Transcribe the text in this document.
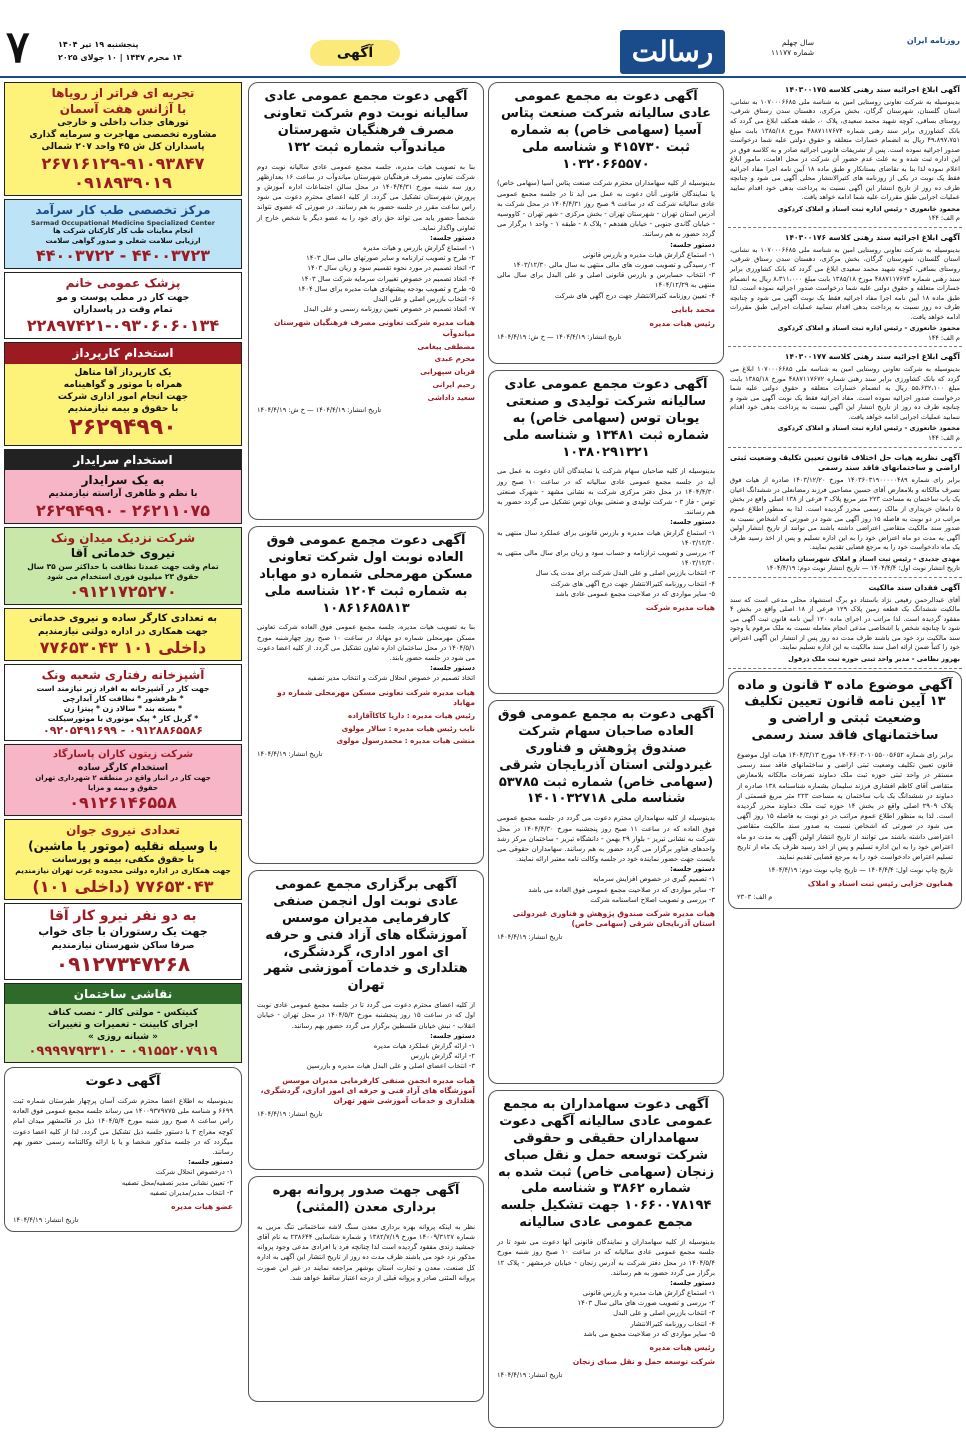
۷	پنجشنبه ۱۹ تیر ۱۴۰۴
۱۴ محرم ۱۴۴۷ | ۱۰ جولای ۲۰۲۵	آگهی	رسالت	سال چهلم
شماره ۱۱۱۷۷
روزنامه ایران
آگهی ابلاغ اجرائیه سند رهنی کلاسه ۱۴۰۳۰۰۱۷۵
بدینوسیله به شرکت تعاونی روستایی امین به شناسه ملی ۱۰۷۰۰۰۶۶۸۵ به نشانی، استان گلستان، شهرستان گرگان، بخش مرکزی، دهستان سدن رستاق شرقی، روستای بساقی، کوچه شهید محمد سعیدی، پلاک ۰، طبقه همکف ابلاغ می گردد که بانک کشاورزی برابر سند رهنی شماره ۴۸۸۷۱۱۷۶۷۴ مورخ ۱۳۸۵/۱۸ بابت مبلغ ۴۹،۸۹۷،۷۵۱ ریال به انضمام خسارات متعلقه و حقوق دولتی علیه شما درخواست صدور اجرائیه نموده است. پس از تشریفات قانونی اجرائیه صادر و به کلاسه فوق در این اداره ثبت شده و به علت عدم حضور آن شرکت در محل اقامت، مامور ابلاغ اعلام نموده لذا بنا به تقاضای بستانکار و طبق ماده ۱۸ آیین نامه اجرا مفاد اجرائیه فقط یک نوبت در یکی از روزنامه های کثیرالانتشار محلی آگهی می شود و چنانچه ظرف ده روز از تاریخ انتشار این آگهی نسبت به پرداخت بدهی خود اقدام نمایید عملیات اجرایی طبق مقررات علیه شما ادامه خواهد یافت.
محمود خانعوزی - رئیس اداره ثبت اسناد و املاک کردکوی
م الف: ۱۴۴
آگهی ابلاغ اجرائیه سند رهنی کلاسه ۱۴۰۳۰۰۱۷۶
بدینوسیله به شرکت تعاونی روستایی امین به شناسه ملی ۱۰۷۰۰۰۶۶۸۵ به نشانی، استان گلستان، شهرستان گرگان، بخش مرکزی، دهستان سدن رستاق شرقی، روستای بساقی، کوچه شهید محمد سعیدی ابلاغ می گردد که بانک کشاورزی برابر سند رهنی شماره ۴۸۸۷۱۱۷۶۷۳ مورخ ۱۳۸۵/۱۸ بابت مبلغ ۸،۳۱۱،۰۰۰ ریال به انضمام خسارات متعلقه و حقوق دولتی علیه شما درخواست صدور اجرائیه نموده است. لذا طبق ماده ۱۸ آیین نامه اجرا مفاد اجرائیه فقط یک نوبت آگهی می شود و چنانچه ظرف ده روز نسبت به پرداخت بدهی اقدام ننمایید عملیات اجرایی طبق مقررات ادامه خواهد یافت.
محمود خانعوزی - رئیس اداره ثبت اسناد و املاک کردکوی
م الف: ۱۴۴
آگهی ابلاغ اجرائیه سند رهنی کلاسه ۱۴۰۳۰۰۱۷۷
بدینوسیله به شرکت تعاونی روستایی امین به شناسه ملی ۱۰۷۰۰۰۶۶۸۵ ابلاغ می گردد که بانک کشاورزی برابر سند رهنی شماره ۴۸۸۷۱۱۷۶۷۲ مورخ ۱۳۸۵/۱۸ بابت مبلغ ۵۵،۶۳۲،۱۰۰ ریال به انضمام خسارات متعلقه و حقوق دولتی علیه شما درخواست صدور اجرائیه نموده است. مفاد اجرائیه فقط یک نوبت آگهی می شود و چنانچه ظرف ده روز از تاریخ انتشار این آگهی نسبت به پرداخت بدهی خود اقدام ننمایید عملیات اجرایی ادامه خواهد یافت.
محمود خانعوزی - رئیس اداره ثبت اسناد و املاک کردکوی
م الف: ۱۴۴
آگهی نظریه هیات حل اختلاف قانون تعیین تکلیف وضعیت ثبتی اراضی و ساختمانهای فاقد سند رسمی
برابر رای شماره ۱۴۰۳۶۰۳۱۹۰۰۰۰۰۴۸۹ مورخ ۱۴۰۳/۱۲/۲۰ صادره از هیات فوق تصرف مالکانه و بلامعارض آقای حسین مصاحبی فرزند رمضانعلی در ششدانگ اعیان یک باب ساختمان به مساحت ۲۲۳ متر مربع پلاک ۳ فرعی از ۱۳۸ اصلی واقع در بخش ۵ دامغان خریداری از مالک رسمی محرز گردیده است. لذا به منظور اطلاع عموم مراتب در دو نوبت به فاصله ۱۵ روز آگهی می شود در صورتی که اشخاص نسبت به صدور سند مالکیت متقاضی اعتراضی داشته باشند می توانند از تاریخ انتشار اولین آگهی به مدت دو ماه اعتراض خود را به این اداره تسلیم و پس از اخذ رسید ظرف یک ماه دادخواست خود را به مرجع قضایی تقدیم نمایند.
مهدی جدیدی - رئیس ثبت اسناد و املاک شهرستان دامغان
تاریخ انتشار نوبت اول: ۱۴۰۴/۴/۴ — تاریخ انتشار نوبت دوم: ۱۴۰۴/۴/۱۹
آگهی فقدان سند مالکیت
آقای عبدالرحمن رفیعی نژاد باستناد دو برگ استشهاد محلی مدعی است که سند مالکیت ششدانگ یک قطعه زمین پلاک ۱۲۹ فرعی از ۱۸ اصلی واقع در بخش ۴ مفقود گردیده است. لذا مراتب در اجرای ماده ۱۲۰ آیین نامه قانون ثبت آگهی می شود تا چنانچه شخص یا اشخاصی مدعی انجام معامله نسبت به ملک مرقوم یا وجود سند مالکیت نزد خود می باشند ظرف مدت ده روز پس از انتشار این آگهی اعتراض خود را کتباً ضمن ارائه اصل سند مالکیت به این اداره تسلیم نمایند.
بهروز نظامی - مدیر واحد ثبتی حوزه ثبت ملک درقول
آگهی موضوع ماده ۳ قانون و ماده ۱۳ آیین نامه قانون تعیین تکلیف وضعیت ثبتی و اراضی و ساختمانهای فاقد سند رسمی
برابر رای شماره ۱۴۰۴۶۰۳۰۱۰۵۵۰۰۵۶۵۲ مورخ ۱۴۰۴/۳/۱۳ هیات اول موضوع قانون تعیین تکلیف وضعیت ثبتی اراضی و ساختمانهای فاقد سند رسمی مستقر در واحد ثبتی حوزه ثبت ملک دماوند تصرفات مالکانه بلامعارض متقاضی آقای کاظم افشاری فرزند سلیمان بشماره شناسنامه ۱۳۸ صادره از دماوند در ششدانگ یک باب ساختمان به مساحت ۲۲۳ متر مربع قسمتی از پلاک ۲۹۰۹ اصلی واقع در بخش ۱۴ حوزه ثبت ملک دماوند محرز گردیده است. لذا به منظور اطلاع عموم مراتب در دو نوبت به فاصله ۱۵ روز آگهی می شود در صورتی که اشخاص نسبت به صدور سند مالکیت متقاضی اعتراضی داشته باشند می توانند از تاریخ انتشار اولین آگهی به مدت دو ماه اعتراض خود را به این اداره تسلیم و پس از اخذ رسید ظرف یک ماه از تاریخ تسلیم اعتراض دادخواست خود را به مرجع قضایی تقدیم نمایند.
تاریخ چاپ نوبت اول: ۱۴۰۴/۴/۴ — تاریخ چاپ نوبت دوم: ۱۴۰۴/۴/۱۹
همایون خزایی رئیس ثبت اسناد و املاک
م الف: ۲۳۰۳
آگهی دعوت به مجمع عمومی عادی سالیانه شرکت صنعت پتاس آسیا (سهامی خاص) به شماره ثبت ۴۱۵۷۳۰ و شناسه ملی ۱۰۳۲۰۶۶۵۵۷۰
بدینوسیله از کلیه سهامداران محترم شرکت صنعت پتاس آسیا (سهامی خاص) یا نمایندگان قانونی آنان دعوت به عمل می آید تا در جلسه مجمع عمومی عادی سالیانه شرکت که در ساعت ۹ صبح روز ۱۴۰۴/۴/۳۱ در محل شرکت به آدرس استان تهران - شهرستان تهران - بخش مرکزی - شهر تهران - کاووسیه - خیابان گاندی جنوبی - خیابان هفدهم - پلاک ۸ - طبقه ۱ - واحد ۱ برگزار می گردد حضور به هم رسانند.
دستور جلسه:
۱- استماع گزارش هیات مدیره و بازرس قانونی
۲- رسیدگی و تصویب صورت های مالی منتهی به سال مالی ۱۴۰۳/۱۲/۳۰
۳- انتخاب حسابرس و بازرس قانونی اصلی و علی البدل برای سال مالی منتهی به ۱۴۰۴/۱۲/۲۹
۴- تعیین روزنامه کثیرالانتشار جهت درج آگهی های شرکت
محمد بابایی
رئیس هیات مدیره
تاریخ انتشار: ۱۴۰۴/۴/۱۹ — خ ش: ۱۴۰۴/۴/۱۹
آگهی دعوت مجمع عمومی عادی سالیانه شرکت تولیدی و صنعتی یوبان توس (سهامی خاص) به شماره ثبت ۱۳۴۸۱ و شناسه ملی ۱۰۳۸۰۲۹۱۳۲۱
بدینوسیله از کلیه صاحبان سهام شرکت یا نمایندگان آنان دعوت به عمل می آید در جلسه مجمع عمومی عادی سالیانه که در ساعت ۱۰ صبح روز ۱۴۰۴/۴/۳۰ در محل دفتر مرکزی شرکت به نشانی مشهد - شهرک صنعتی توس - فاز ۳ - شرکت تولیدی و صنعتی یوبان توس تشکیل می گردد حضور به هم رسانند.
دستور جلسه:
۱- استماع گزارش هیات مدیره و بازرس قانونی برای عملکرد سال منتهی به ۱۴۰۳/۱۲/۳۰
۲- بررسی و تصویب ترازنامه و حساب سود و زیان برای سال مالی منتهی به ۱۴۰۳/۱۲/۳۰
۳- انتخاب بازرس اصلی و علی البدل شرکت برای مدت یک سال
۴- انتخاب روزنامه کثیرالانتشار جهت درج آگهی های شرکت
۵- سایر مواردی که در صلاحیت مجمع عمومی عادی باشد
هیات مدیره شرکت
آگهی دعوت به مجمع عمومی فوق العاده صاحبان سهام شرکت صندوق پژوهش و فناوری غیردولتی استان آذربایجان شرقی (سهامی خاص) شماره ثبت ۵۳۷۸۵ شناسه ملی ۱۴۰۱۰۳۲۷۱۸
بدینوسیله از کلیه سهامداران محترم دعوت می گردد در جلسه مجمع عمومی فوق العاده که در ساعت ۱۱ صبح روز پنجشنبه مورخ ۱۴۰۴/۴/۳۰ در محل شرکت به نشانی تبریز - بلوار ۲۹ بهمن - دانشگاه تبریز - ساختمان مرکز رشد واحدهای فناور برگزار می گردد حضور به هم رسانند. سهامداران حقوقی می بایست جهت حضور نماینده خود در جلسه وکالت نامه معتبر ارائه نمایند.
دستور جلسه:
۱- تصمیم گیری در خصوص افزایش سرمایه
۲- سایر مواردی که در صلاحیت مجمع عمومی فوق العاده می باشد
۳- بررسی و تصویب اصلاح اساسنامه شرکت
هیات مدیره شرکت صندوق پژوهش و فناوری غیردولتی استان آذربایجان شرقی (سهامی خاص)
تاریخ انتشار: ۱۴۰۴/۴/۱۹
آگهی دعوت سهامداران به مجمع عمومی عادی سالیانه آگهی دعوت سهامداران حقیقی و حقوقی شرکت توسعه حمل و نقل صبای زنجان (سهامی خاص) ثبت شده به شماره ۳۸۶۲ و شناسه ملی ۱۰۶۶۰۰۷۸۱۹۴ جهت تشکیل جلسه مجمع عمومی عادی سالیانه
بدینوسیله از کلیه سهامداران و نمایندگان قانونی آنها دعوت می شود تا در جلسه مجمع عمومی عادی سالیانه که در ساعت ۱۰ صبح روز شنبه مورخ ۱۴۰۴/۵/۴ در محل دفتر شرکت به آدرس زنجان - خیابان خرمشهر - پلاک ۱۲ برگزار می گردد حضور به هم رسانند.
دستور جلسه:
۱- استماع گزارش هیات مدیره و بازرس قانونی
۲- بررسی و تصویب صورت های مالی سال ۱۴۰۳
۳- انتخاب بازرس اصلی و علی البدل
۴- انتخاب روزنامه کثیرالانتشار
۵- سایر مواردی که در صلاحیت مجمع می باشد
رئیس هیات مدیره
شرکت توسعه حمل و نقل صبای زنجان
تاریخ انتشار: ۱۴۰۴/۴/۱۹
آگهی دعوت مجمع عمومی عادی سالیانه نوبت دوم شرکت تعاونی مصرف فرهنگیان شهرستان میاندوآب شماره ثبت ۱۳۲
بنا به تصویب هیات مدیره، جلسه مجمع عمومی عادی سالیانه نوبت دوم شرکت تعاونی مصرف فرهنگیان شهرستان میاندوآب در ساعت ۱۶ بعدازظهر روز سه شنبه مورخ ۱۴۰۴/۴/۳۱ در محل سالن اجتماعات اداره آموزش و پرورش شهرستان تشکیل می گردد. از کلیه اعضای محترم دعوت می شود راس ساعت مقرر در جلسه حضور به هم رسانند. در صورتی که عضوی نتواند شخصاً حضور یابد می تواند حق رای خود را به عضو دیگر یا شخص خارج از تعاونی واگذار نماید.
دستور جلسه:
۱- استماع گزارش بازرس و هیات مدیره
۲- طرح و تصویب ترازنامه و سایر صورتهای مالی سال ۱۴۰۳
۳- اتخاذ تصمیم در مورد نحوه تقسیم سود و زیان سال ۱۴۰۳
۴- اتخاذ تصمیم در خصوص تغییرات سرمایه شرکت سال ۱۴۰۳
۵- طرح و تصویب بودجه پیشنهادی هیات مدیره برای سال ۱۴۰۴
۶- انتخاب بازرس اصلی و علی البدل
۷- اتخاذ تصمیم در خصوص تعیین روزنامه رسمی و علی البدل
هیات مدیره شرکت تعاونی مصرف فرهنگیان شهرستان میاندوآب
مصطفی پیغامی
محرم عبدی
قربان سپهرابی
رحیم ایرانی
سعید داداشی
تاریخ انتشار: ۱۴۰۴/۴/۱۹ — خ ش: ۱۴۰۴/۴/۱۹
آگهی دعوت مجمع عمومی فوق العاده نوبت اول شرکت تعاونی مسکن مهرمحلی شماره دو مهاباد به شماره ثبت ۱۲۰۴ شناسه ملی ۱۰۸۶۱۶۸۵۸۱۳
بنا به تصویب هیات مدیره، جلسه مجمع عمومی فوق العاده شرکت تعاونی مسکن مهرمحلی شماره دو مهاباد در ساعت ۱۰ صبح روز چهارشنبه مورخ ۱۴۰۴/۵/۱ در محل ساختمان اداره تعاون تشکیل می گردد. از کلیه اعضا دعوت می شود در جلسه حضور یابند.
دستور جلسه:
اتخاذ تصمیم در خصوص انحلال شرکت و انتخاب مدیر تصفیه
هیات مدیره شرکت تعاونی مسکن مهرمحلی شماره دو مهاباد
رئیس هیات مدیره : داریا کاکاآقازاده
نایب رئیس هیات مدیره : سالار مولوی
منشی هیات مدیره : محمدرسول مولوی
تاریخ انتشار: ۱۴۰۴/۴/۱۹
آگهی برگزاری مجمع عمومی عادی نوبت اول انجمن صنفی کارفرمایی مدیران موسس آموزشگاه های آزاد فنی و حرفه ای امور اداری، گردشگری، هتلداری و خدمات آموزشی شهر تهران
از کلیه اعضای محترم دعوت می گردد تا در جلسه مجمع عمومی عادی نوبت اول که در ساعت ۱۵ روز پنجشنبه مورخ ۱۴۰۴/۵/۲ در محل تهران - خیابان انقلاب - نبش خیابان فلسطین برگزار می گردد حضور بهم رسانند.
دستور جلسه:
۱- ارائه گزارش عملکرد هیات مدیره
۲- ارائه گزارش بازرس
۳- انتخاب اعضای اصلی و علی البدل هیات مدیره و بازرسین
هیات مدیره انجمن صنفی کارفرمایی مدیران موسس آموزشگاه های آزاد فنی و حرفه ای امور اداری، گردشگری، هتلداری و خدمات آموزشی شهر تهران
تاریخ انتشار: ۱۴۰۴/۴/۱۹
آگهی جهت صدور پروانه بهره برداری معدن (المثنی)
نظر به اینکه پروانه بهره برداری معدن سنگ لاشه ساختمانی تنگ مربی به شماره ۱۴۰۰۹/۳۱۲۷ مورخ ۱۳۸۲/۷/۱۹ و شماره شناسایی ۲۳۸۶۴۴ به نام آقای جمشید زندی مفقود گردیده است لذا چنانچه فرد یا افرادی مدعی وجود پروانه مذکور نزد خود می باشند ظرف مدت ده روز از تاریخ انتشار این آگهی به اداره کل صنعت، معدن و تجارت استان بوشهر مراجعه نمایند در غیر این صورت پروانه المثنی صادر و پروانه قبلی از درجه اعتبار ساقط خواهد شد.
تجربه ای فراتر از رویاها
با آژانس هفت آسمان
تورهای جذاب داخلی و خارجی
مشاوره تخصصی مهاجرت و سرمایه گذاری
پاسداران کل ش ۴۵ واحد ۲۰۷ شمالی
۲۶۷۱۶۱۲۹-۹۱۰۹۳۸۴۷
۰۹۱۸۹۳۹۰۱۹
مرکز تخصصی طب کار سرآمد
Sarmad Occupational Medicine Specialized Center
انجام معاینات طب کار کارکنان شرکت ها
ارزیابی سلامت شغلی و صدور گواهی سلامت
۴۴۰۰۳۷۲۲ - ۴۴۰۰۳۷۲۳
پزشک عمومی خانم
جهت کار در مطب پوست و مو
تمام وقت در پاسداران
۲۲۸۹۷۴۲۱-۰۹۳۰۶۰۶۰۱۳۴
استخدام کارپرداز
یک کارپرداز آقا متاهل
همراه با موتور و گواهینامه
جهت انجام امور اداری شرکت
با حقوق و بیمه نیازمندیم
۲۶۲۹۴۹۹۰
استخدام سرایدار
به یک سرایدار
با نظم و ظاهری آراسته نیازمندیم
۲۶۲۹۴۹۹۰ - ۲۶۲۱۱۰۷۵
شرکت نزدیک میدان ونک
نیروی خدماتی آقا
تمام وقت جهت عمدتا نظافت با حداکثر سن ۳۵ سال
حقوق ۲۳ میلیون فوری استخدام می شود
۰۹۱۲۱۷۲۵۲۷۰
به تعدادی کارگر ساده و نیروی خدماتی
جهت همکاری در اداره دولتی نیازمندیم
۷۷۶۵۳۰۴۳ داخلی ۱۰۱
آشپزخانه رفتاری شعبه ونک
جهت کار در آشپزخانه به افراد زیر نیازمند است
* ظرفشور * نظافت کار آبدارچی
* بسته بند * سالاد زن * پیتزا زن
* گریل کار * پیک موتوری با موتورسیکلت
۰۹۲۰۵۴۹۱۶۹۹ - ۰۹۱۲۸۸۶۵۵۸۶
شرکت زیتون کاران پاسارگاد
استخدام کارگر ساده
جهت کار در انبار واقع در منطقه ۲ شهرداری تهران
حقوق و بیمه و مزایا
۰۹۱۲۶۱۴۶۵۵۸
تعدادی نیروی جوان
با وسیله نقلیه (موتور یا ماشین)
با حقوق مکفی، بیمه و پورسانت
جهت همکاری در اداره دولتی محدوده غرب تهران نیازمندیم
(داخلی ۱۰۱) ۷۷۶۵۳۰۴۳
به دو نفر نیرو کار آقا
جهت یک رستوران با جای خواب
صرفا ساکن شهرستان نیازمندیم
۰۹۱۲۷۳۴۷۲۶۸
نقاشی ساختمان
کنیتکس - مولتی کالر - نصب کناف
اجرای کابینت - تعمیرات و تغییرات
« شبانه روزی »
۰۹۹۹۹۷۹۳۳۱۰ - ۰۹۱۵۵۲۰۷۹۱۹
آگهی دعوت
بدینوسیله به اطلاع اعضا محترم شرکت آسان پرچهار طبرستان شماره ثبت ۶۶۹۹ و شناسه ملی ۱۴۰۰۹۳۷۹۷۷۵ می رساند جلسه مجمع عمومی فوق العاده راس ساعت ۸ صبح روز شنبه مورخ ۱۴۰۴/۵/۴ ذیل در قائمشهر میدان امام کوچه معراج ۲ با دستور جلسه ذیل تشکیل می گردد. لذا از کلیه اعضا دعوت میگردد که در جلسه مذکور شخصا و یا با ارائه وکالتنامه رسمی حضور بهم رسانند.
دستور جلسه:
۱- درخصوص انحلال شرکت
۲- تعیین نشانی مدیر تصفیه/محل تصفیه
۳- انتخاب مدیر/مدیران تصفیه
عضو هیات مدیره
تاریخ انتشار: ۱۴۰۴/۴/۱۹
